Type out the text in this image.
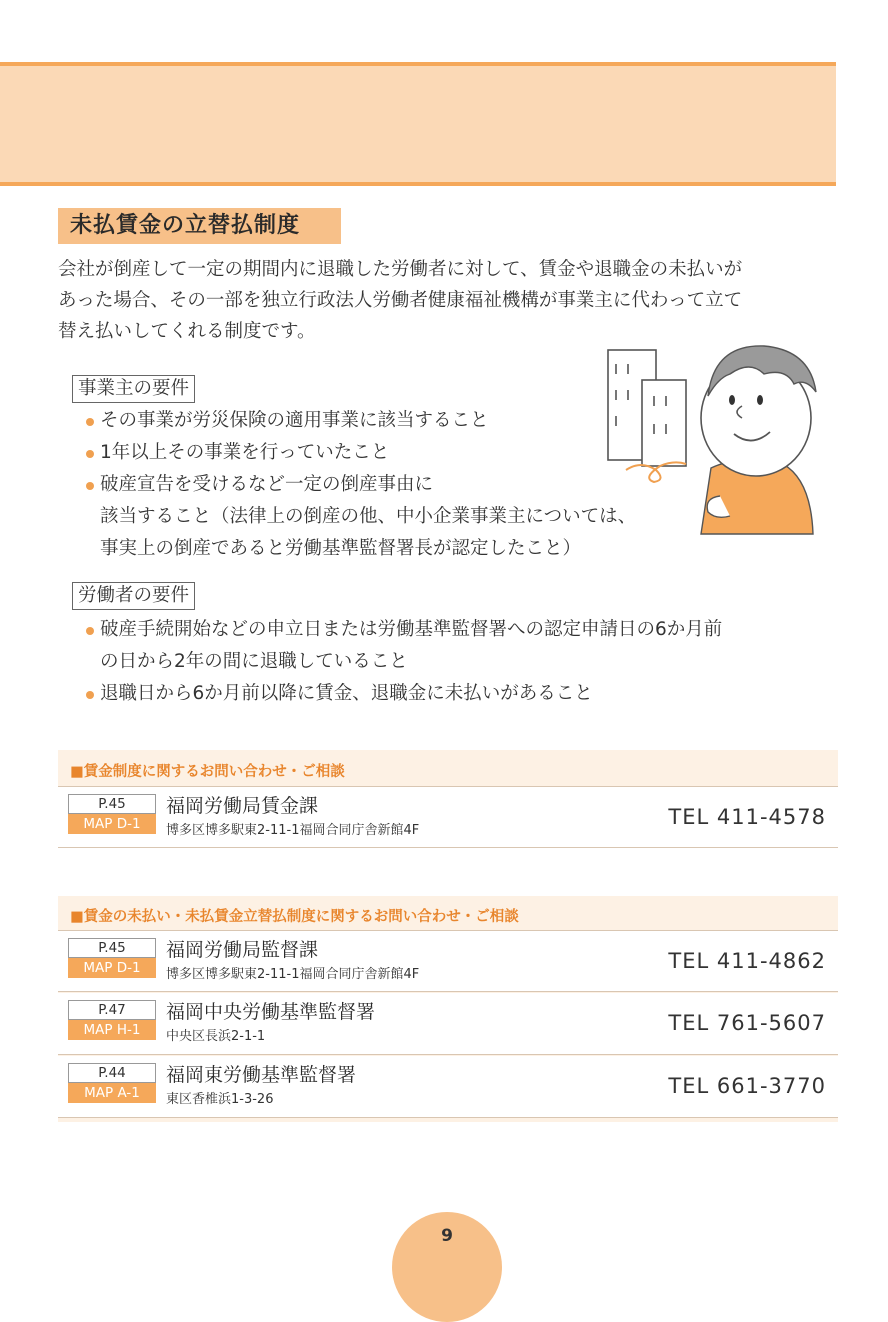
未払賃金の立替払制度
会社が倒産して一定の期間内に退職した労働者に対して、賃金や退職金の未払いが
あった場合、その一部を独立行政法人労働者健康福祉機構が事業主に代わって立て
替え払いしてくれる制度です。
事業主の要件
その事業が労災保険の適用事業に該当すること
1年以上その事業を行っていたこと
破産宣告を受けるなど一定の倒産事由に
該当すること（法律上の倒産の他、中小企業事業主については、
事実上の倒産であると労働基準監督署長が認定したこと）
労働者の要件
破産手続開始などの申立日または労働基準監督署への認定申請日の6か月前
の日から2年の間に退職していること
退職日から6か月前以降に賃金、退職金に未払いがあること
■賃金制度に関するお問い合わせ・ご相談
P.45
MAP D-1
福岡労働局賃金課
博多区博多駅東2-11-1福岡合同庁舎新館4F
TEL 411-4578
■賃金の未払い・未払賃金立替払制度に関するお問い合わせ・ご相談
P.45
MAP D-1
福岡労働局監督課
博多区博多駅東2-11-1福岡合同庁舎新館4F
TEL 411-4862
P.47
MAP H-1
福岡中央労働基準監督署
中央区長浜2-1-1
TEL 761-5607
P.44
MAP A-1
福岡東労働基準監督署
東区香椎浜1-3-26
TEL 661-3770
9
